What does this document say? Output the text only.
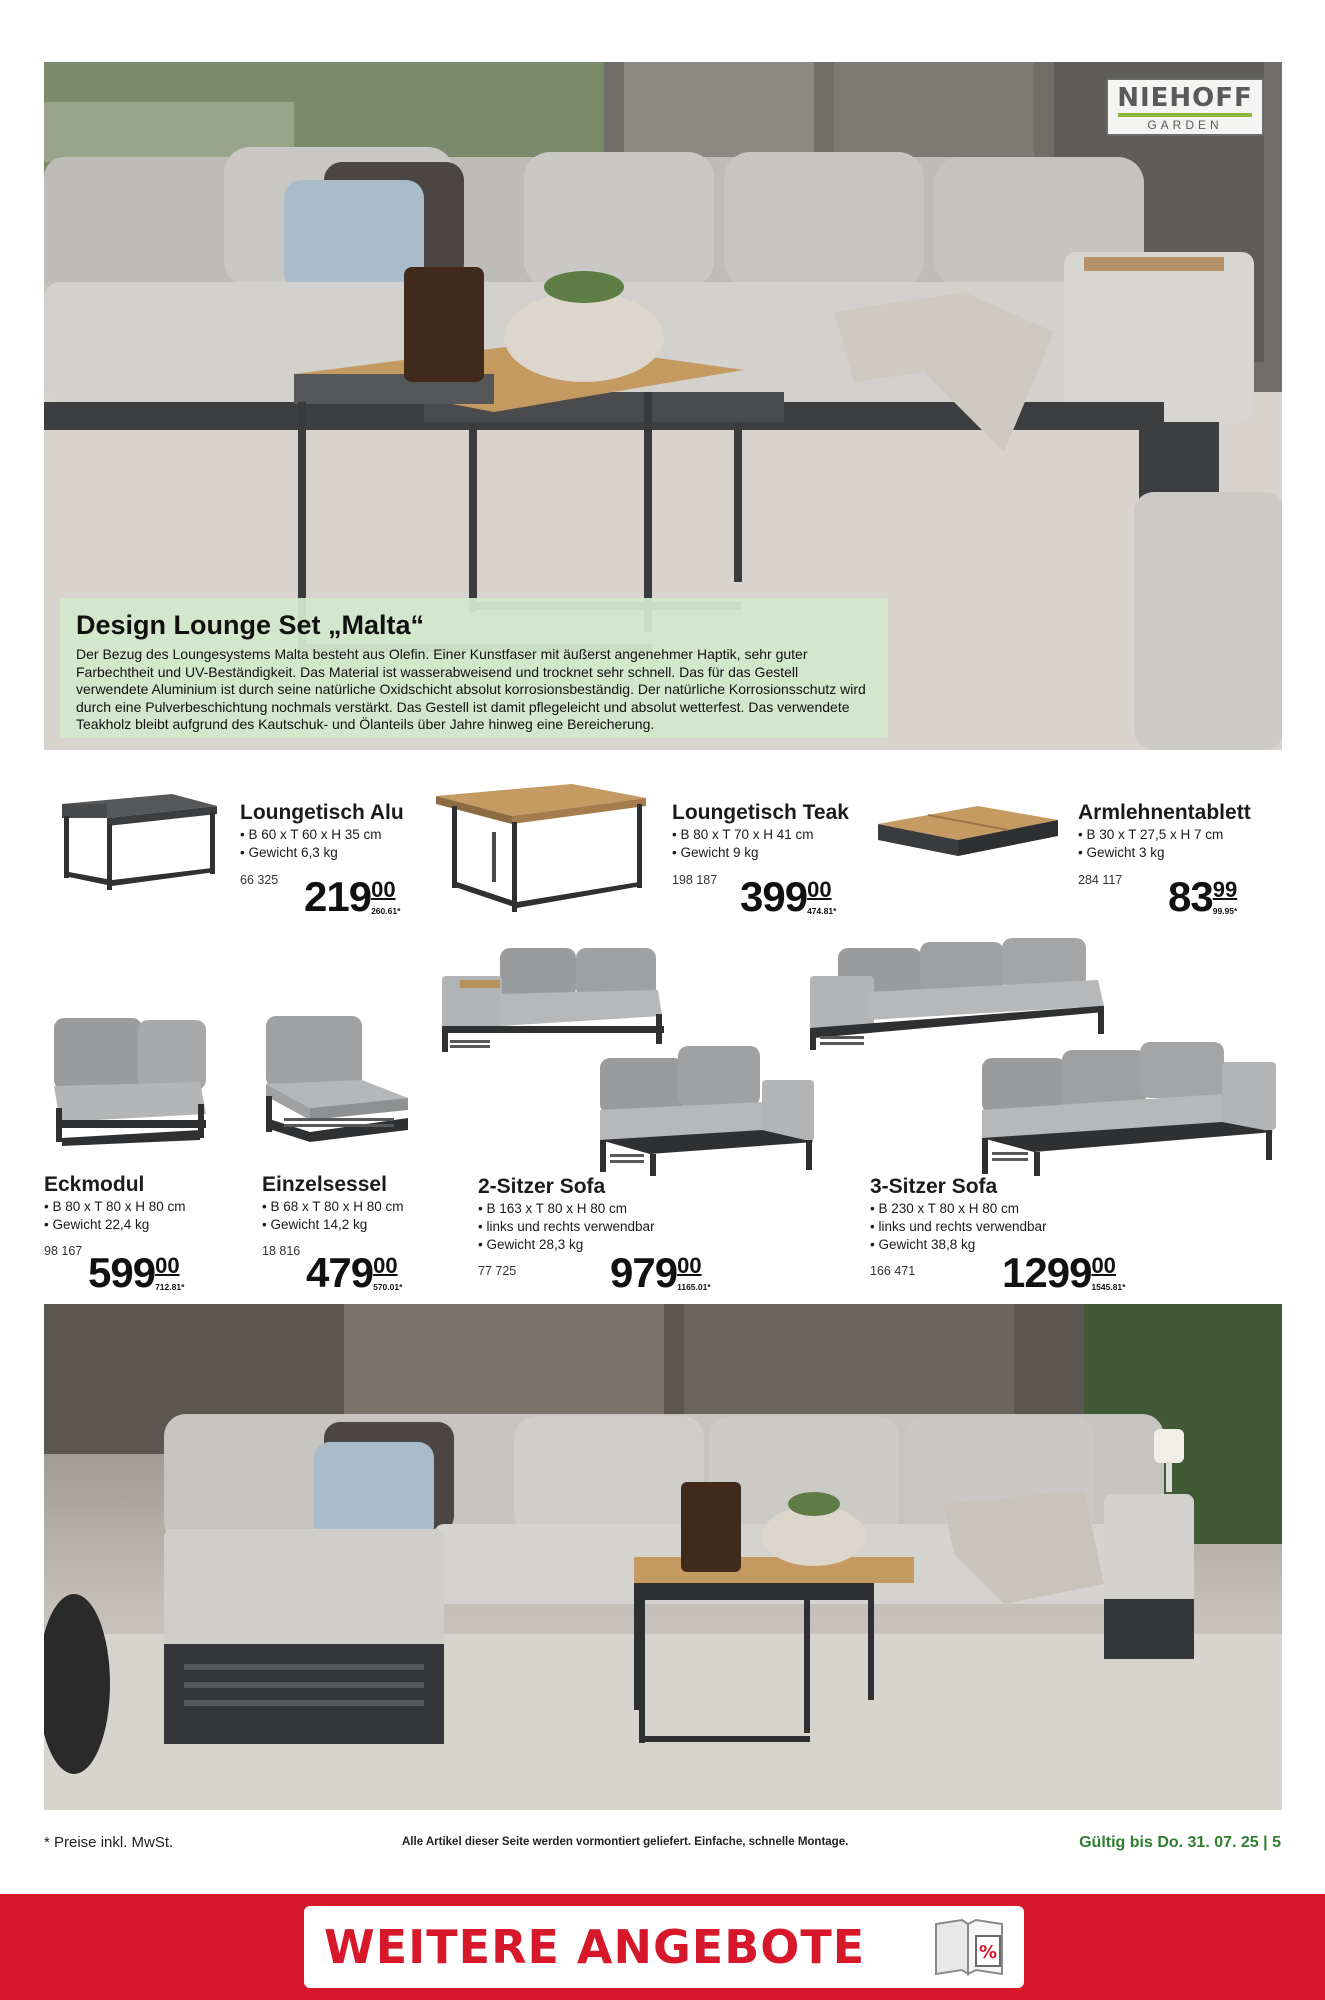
NIEHOFF
GARDEN
Design Lounge Set „Malta“
Der Bezug des Loungesystems Malta besteht aus Olefin. Einer Kunstfaser mit äußerst angenehmer Haptik, sehr guter Farbechtheit und UV-Beständigkeit. Das Material ist wasserabweisend und trocknet sehr schnell. Das für das Gestell verwendete Aluminium ist durch seine natürliche Oxidschicht absolut korrosionsbeständig. Der natürliche Korrosionsschutz wird durch eine Pulverbeschichtung nochmals verstärkt. Das Gestell ist damit pflegeleicht und absolut wetterfest. Das verwendete Teakholz bleibt aufgrund des Kautschuk- und Ölanteils über Jahre hinweg eine Bereicherung.
Loungetisch Alu
• B 60 x T 60 x H 35 cm
• Gewicht 6,3 kg
66 325 219 00
260.61*
Loungetisch Teak
• B 80 x T 70 x H 41 cm
• Gewicht 9 kg
198 187 399 00
474.81*
Armlehnentablett
• B 30 x T 27,5 x H 7 cm
• Gewicht 3 kg
284 117 83 99
99.95*
Eckmodul
• B 80 x T 80 x H 80 cm
• Gewicht 22,4 kg
98 167 599 00
712.81*
Einzelsessel
• B 68 x T 80 x H 80 cm
• Gewicht 14,2 kg
18 816 479 00
570.01*
2-Sitzer Sofa
• B 163 x T 80 x H 80 cm
• links und rechts verwendbar
• Gewicht 28,3 kg
77 725 979 00
1165.01*
3-Sitzer Sofa
• B 230 x T 80 x H 80 cm
• links und rechts verwendbar
• Gewicht 38,8 kg
166 471 1299 00
1545.81*
* Preise inkl. MwSt.	Alle Artikel dieser Seite werden vormontiert geliefert. Einfache, schnelle Montage.	Gültig bis Do. 31. 07. 25 | 5
WEITERE ANGEBOTE	%
